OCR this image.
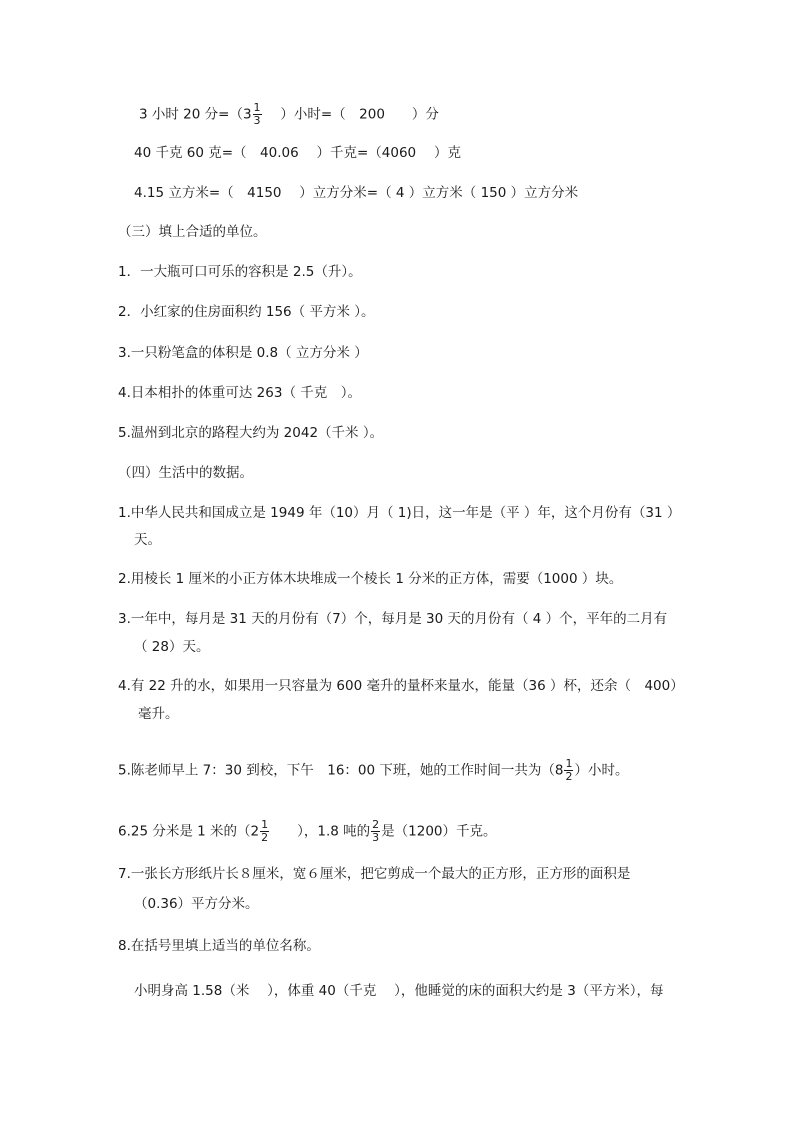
3 小时 20 分$=(3 \frac{1}{3}$ 　 ）小时=（　200　　）分
40 千克 60 克=（　40.06　 ）千克=（4060　 ）克
4.15 立方米=（　4150　 ）立方分米=（ 4 ）立方米（ 150 ）立方分米
（三）填上合适的单位。
1．一大瓶可口可乐的容积是 2.5（升）。
2．小红家的住房面积约 156（ 平方米 ）。
3.一只粉笔盒的体积是 0.8（ 立方分米 ）
4.日本相扑的体重可达 263（ 千克　）。
5.温州到北京的路程大约为 2042（千米 ）。
（四）生活中的数据。
1.中华人民共和国成立是 1949 年（10）月（ 1)日，这一年是（平 ）年，这个月份有（31 ）
天。
2.用棱长 1 厘米的小正方体木块堆成一个棱长 1 分米的正方体，需要（1000 ）块。
3.一年中，每月是 31 天的月份有（7）个，每月是 30 天的月份有（ 4 ）个，平年的二月有
（ 28）天。
4.有 22 升的水，如果用一只容量为 600 毫升的量杯来量水，能量（36 ）杯，还余（　400）
毫升。
5.陈老师早上 7：30 到校，下午　16：00 下班，她的工作时间一共为（$8 \frac{1}{2}$ ）小时。
6.25 分米是 1 米的（$2 \frac{1}{2}$ 　　），1.8 吨的 $\frac{2}{3}$ 是（1200）千克。
7.一张长方形纸片长８厘米，宽６厘米，把它剪成一个最大的正方形，正方形的面积是
（0.36）平方分米。
8.在括号里填上适当的单位名称。
小明身高 1.58（米　 ），体重 40（千克　 ），他睡觉的床的面积大约是 3（平方米），每
